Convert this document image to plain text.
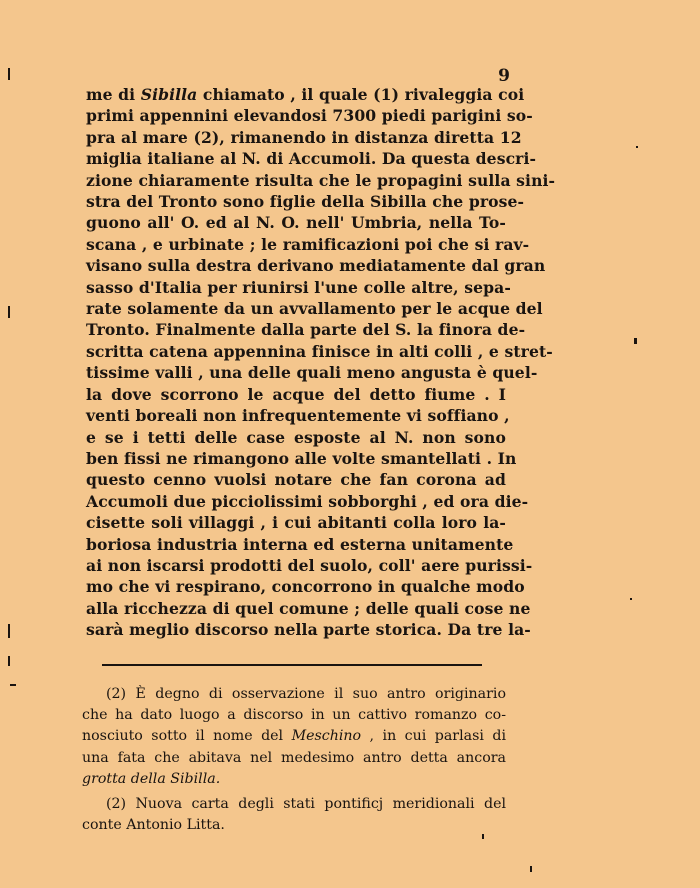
9
me di Sibilla chiamato , il quale (1) rivaleggia coi
primi appennini elevandosi 7300 piedi parigini so-
pra al mare (2), rimanendo in distanza diretta 12
miglia italiane al N. di Accumoli. Da questa descri-
zione chiaramente risulta che le propagini sulla sini-
stra del Tronto sono figlie della Sibilla che prose-
guono all' O. ed al N. O. nell' Umbria, nella To-
scana , e urbinate ; le ramificazioni poi che si rav-
visano sulla destra derivano mediatamente dal gran
sasso d'Italia per riunirsi l'une colle altre, sepa-
rate solamente da un avvallamento per le acque del
Tronto. Finalmente dalla parte del S. la finora de-
scritta catena appennina finisce in alti colli , e stret-
tissime valli , una delle quali meno angusta è quel-
la dove scorrono le acque del detto fiume . I
venti boreali non infrequentemente vi soffiano ,
e se i tetti delle case esposte al N. non sono
ben fissi ne rimangono alle volte smantellati . In
questo cenno vuolsi notare che fan corona ad
Accumoli due picciolissimi sobborghi , ed ora die-
cisette soli villaggi , i cui abitanti colla loro la-
boriosa industria interna ed esterna unitamente
ai non iscarsi prodotti del suolo, coll' aere purissi-
mo che vi respirano, concorrono in qualche modo
alla ricchezza di quel comune ; delle quali cose ne
sarà meglio discorso nella parte storica. Da tre la-
(2) È degno di osservazione il suo antro originario
che ha dato luogo a discorso in un cattivo romanzo co-
nosciuto sotto il nome del Meschino , in cui parlasi di
una fata che abitava nel medesimo antro detta ancora
grotta della Sibilla.
(2) Nuova carta degli stati pontificj meridionali del
conte Antonio Litta.
